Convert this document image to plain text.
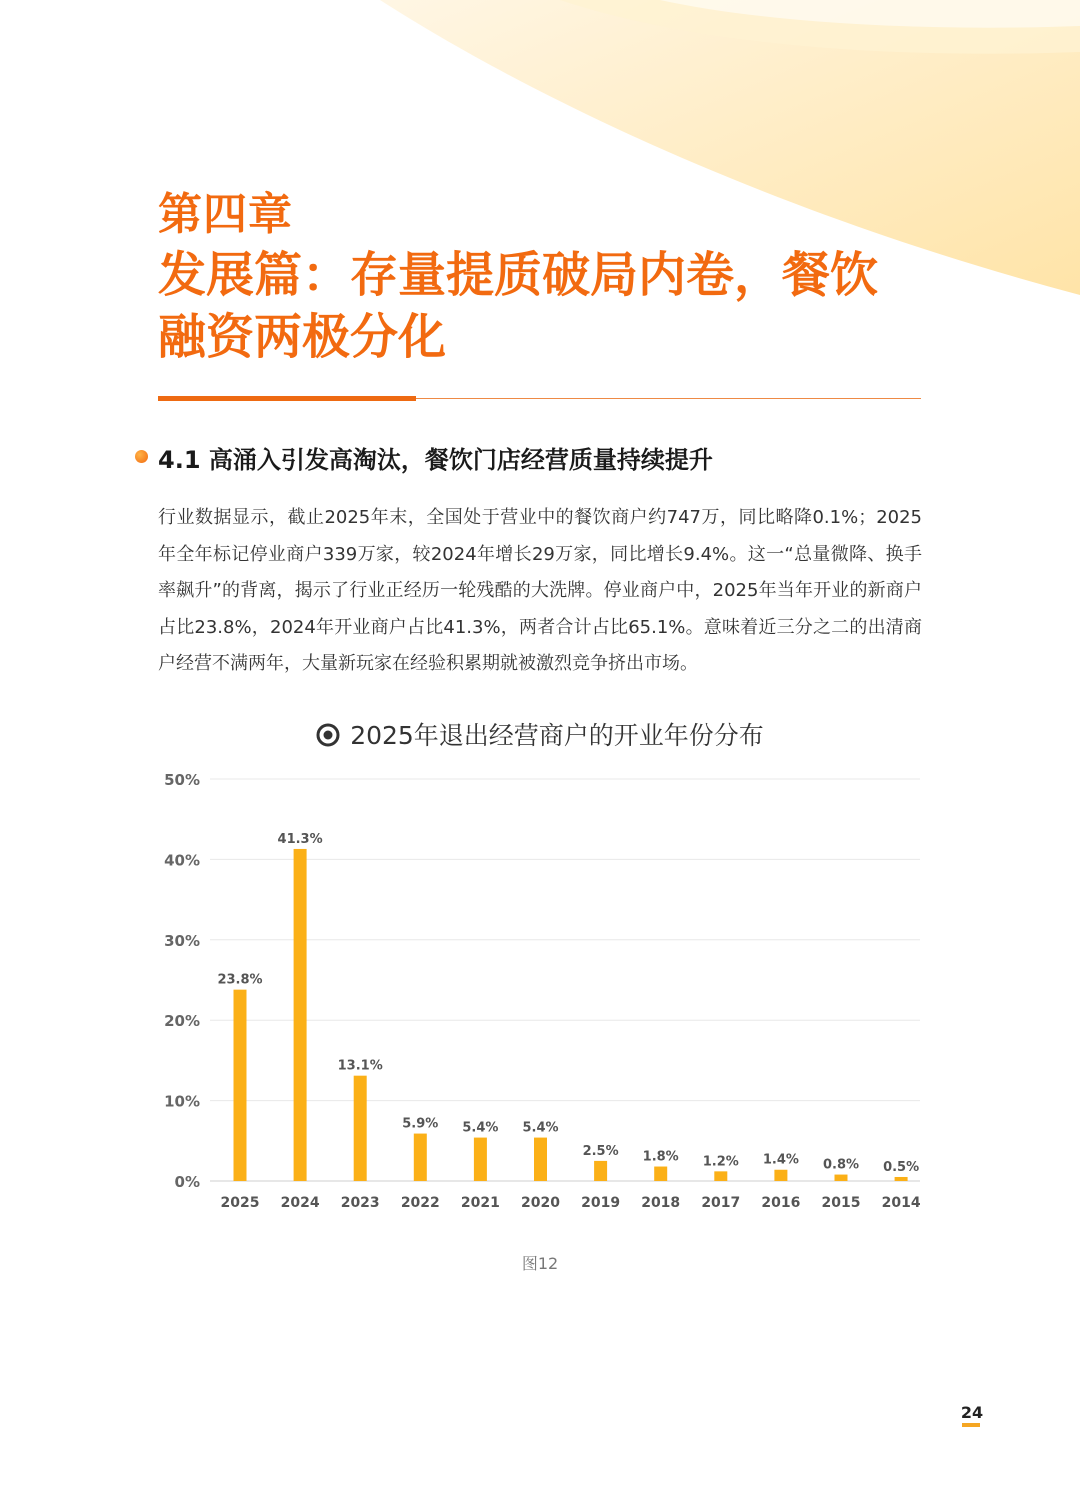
第四章
发展篇：存量提质破局内卷，餐饮融资两极分化
4.1 高涌入引发高淘汰，餐饮门店经营质量持续提升
行业数据显示，截止2025年末，全国处于营业中的餐饮商户约747万，同比略降0.1%；2025年全年标记停业商户339万家，较2024年增长29万家，同比增长9.4%。这一“总量微降、换手率飙升”的背离，揭示了行业正经历一轮残酷的大洗牌。停业商户中，2025年当年开业的新商户占比23.8%，2024年开业商户占比41.3%，两者合计占比65.1%。意味着近三分之二的出清商户经营不满两年，大量新玩家在经验积累期就被激烈竞争挤出市场。
2025年退出经营商户的开业年份分布
0%
10%
20%
30%
40%
50%
23.8%
2025
41.3%
2024
13.1%
2023
5.9%
2022
5.4%
2021
5.4%
2020
2.5%
2019
1.8%
2018
1.2%
2017
1.4%
2016
0.8%
2015
0.5%
2014
图12
24
